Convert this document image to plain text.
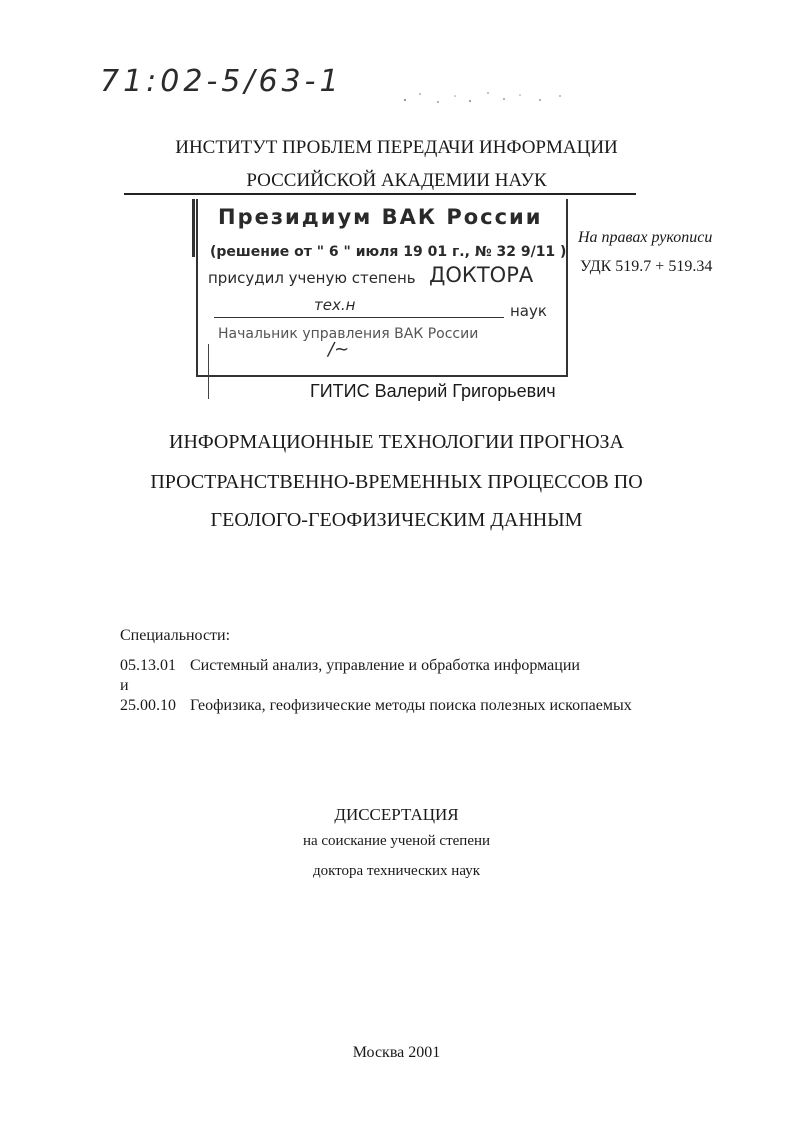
71:02-5/63-1
ИНСТИТУТ ПРОБЛЕМ ПЕРЕДАЧИ ИНФОРМАЦИИ
РОССИЙСКОЙ АКАДЕМИИ НАУК
Президиум ВАК России
(решение от " 6 " июля 19 01 г., № 32 9/11 )
присудил ученую степень ДОКТОРА
тех.н	наук
Начальник управления ВАК России
/~
На правах рукописи
УДК 519.7 + 519.34
ГИТИС Валерий Григорьевич
ИНФОРМАЦИОННЫЕ ТЕХНОЛОГИИ ПРОГНОЗА
ПРОСТРАНСТВЕННО-ВРЕМЕННЫХ ПРОЦЕССОВ ПО
ГЕОЛОГО-ГЕОФИЗИЧЕСКИМ ДАННЫМ
Специальности:
05.13.01 Системный анализ, управление и обработка информации
и
25.00.10 Геофизика, геофизические методы поиска полезных ископаемых
ДИССЕРТАЦИЯ
на соискание ученой степени
доктора технических наук
Москва 2001
